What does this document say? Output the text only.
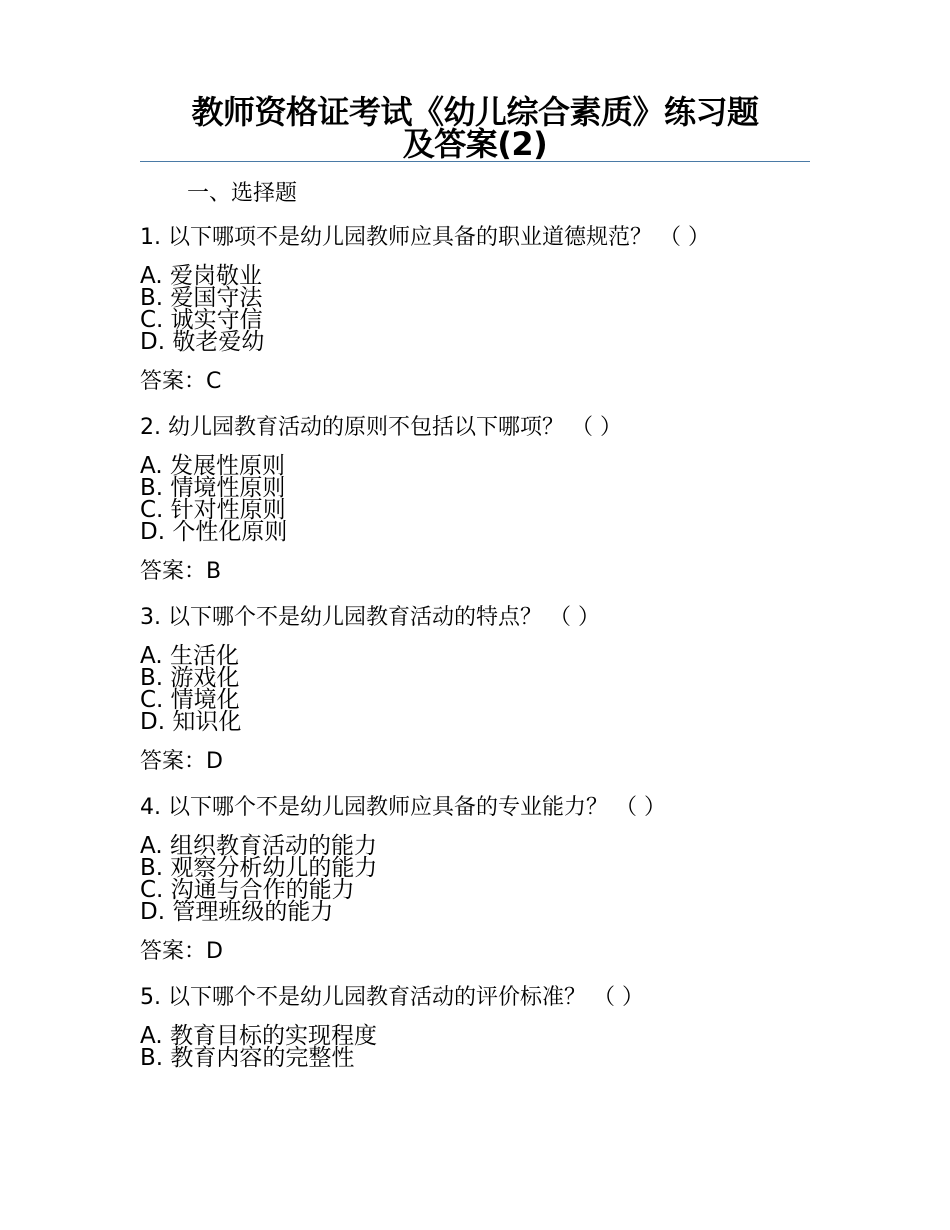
教师资格证考试《幼儿综合素质》练习题
及答案(2)
一、选择题
1. 以下哪项不是幼儿园教师应具备的职业道德规范？ （ ）
A. 爱岗敬业
B. 爱国守法
C. 诚实守信
D. 敬老爱幼
答案：C
2. 幼儿园教育活动的原则不包括以下哪项？ （ ）
A. 发展性原则
B. 情境性原则
C. 针对性原则
D. 个性化原则
答案：B
3. 以下哪个不是幼儿园教育活动的特点？ （ ）
A. 生活化
B. 游戏化
C. 情境化
D. 知识化
答案：D
4. 以下哪个不是幼儿园教师应具备的专业能力？ （ ）
A. 组织教育活动的能力
B. 观察分析幼儿的能力
C. 沟通与合作的能力
D. 管理班级的能力
答案：D
5. 以下哪个不是幼儿园教育活动的评价标准？ （ ）
A. 教育目标的实现程度
B. 教育内容的完整性
